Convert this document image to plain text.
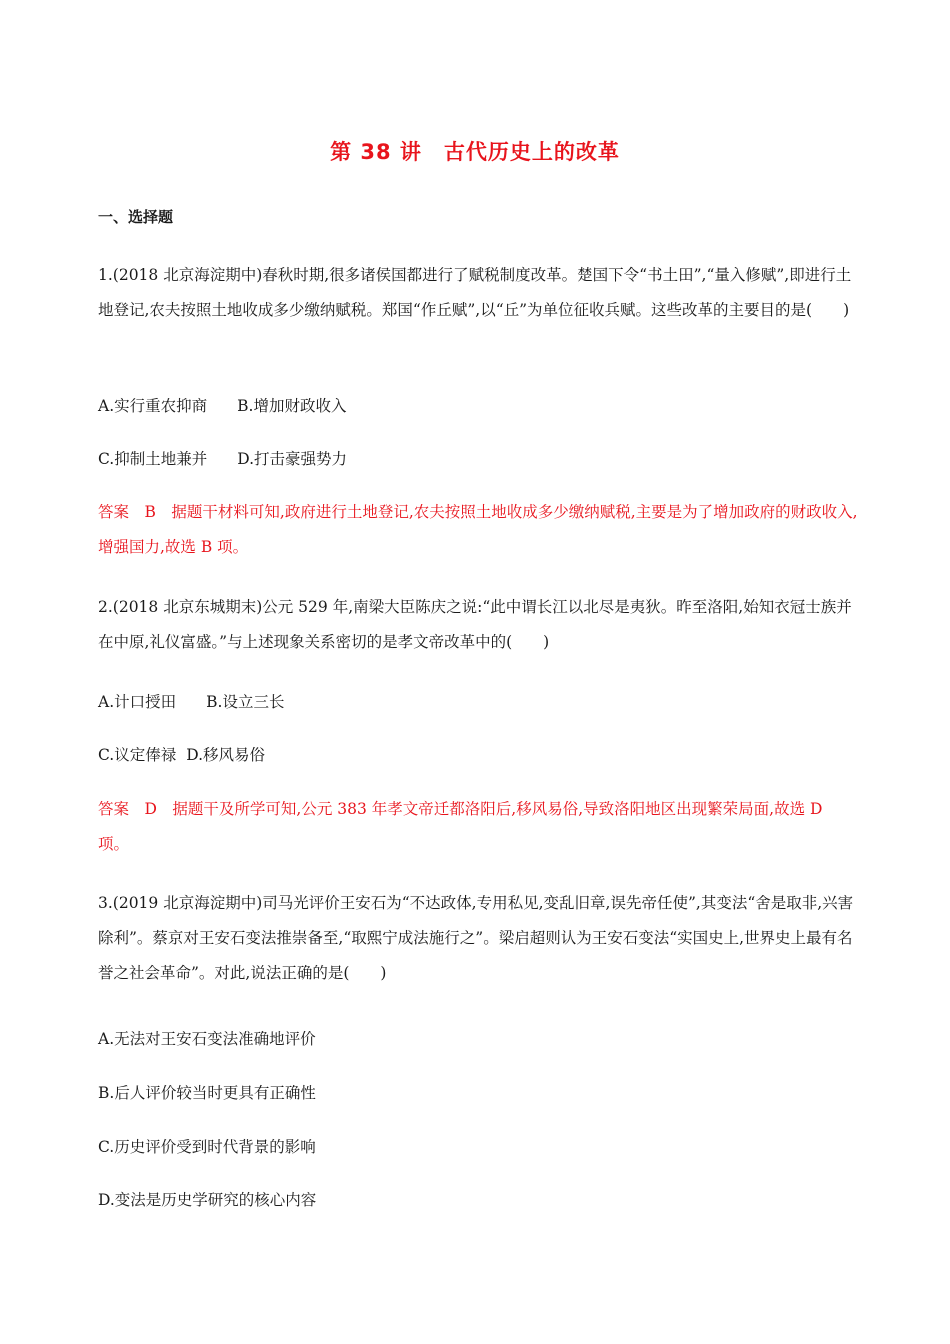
第 38 讲　古代历史上的改革
一、选择题
1.(2018 北京海淀期中)春秋时期,很多诸侯国都进行了赋税制度改革。楚国下令“书土田”,“量入修赋”,即进行土地登记,农夫按照土地收成多少缴纳赋税。郑国“作丘赋”,以“丘”为单位征收兵赋。这些改革的主要目的是(　　)
A.实行重农抑商 B.增加财政收入
C.抑制土地兼并 D.打击豪强势力
答案　B　据题干材料可知,政府进行土地登记,农夫按照土地收成多少缴纳赋税,主要是为了增加政府的财政收入,增强国力,故选 B 项。
2.(2018 北京东城期末)公元 529 年,南梁大臣陈庆之说:“此中谓长江以北尽是夷狄。昨至洛阳,始知衣冠士族并在中原,礼仪富盛。”与上述现象关系密切的是孝文帝改革中的(　　)
A.计口授田 B.设立三长
C.议定俸禄 D.移风易俗
答案　D　据题干及所学可知,公元 383 年孝文帝迁都洛阳后,移风易俗,导致洛阳地区出现繁荣局面,故选 D 项。
3.(2019 北京海淀期中)司马光评价王安石为“不达政体,专用私见,变乱旧章,误先帝任使”,其变法“舍是取非,兴害除利”。蔡京对王安石变法推崇备至,“取熙宁成法施行之”。梁启超则认为王安石变法“实国史上,世界史上最有名誉之社会革命”。对此,说法正确的是(　　)
A.无法对王安石变法准确地评价
B.后人评价较当时更具有正确性
C.历史评价受到时代背景的影响
D.变法是历史学研究的核心内容
